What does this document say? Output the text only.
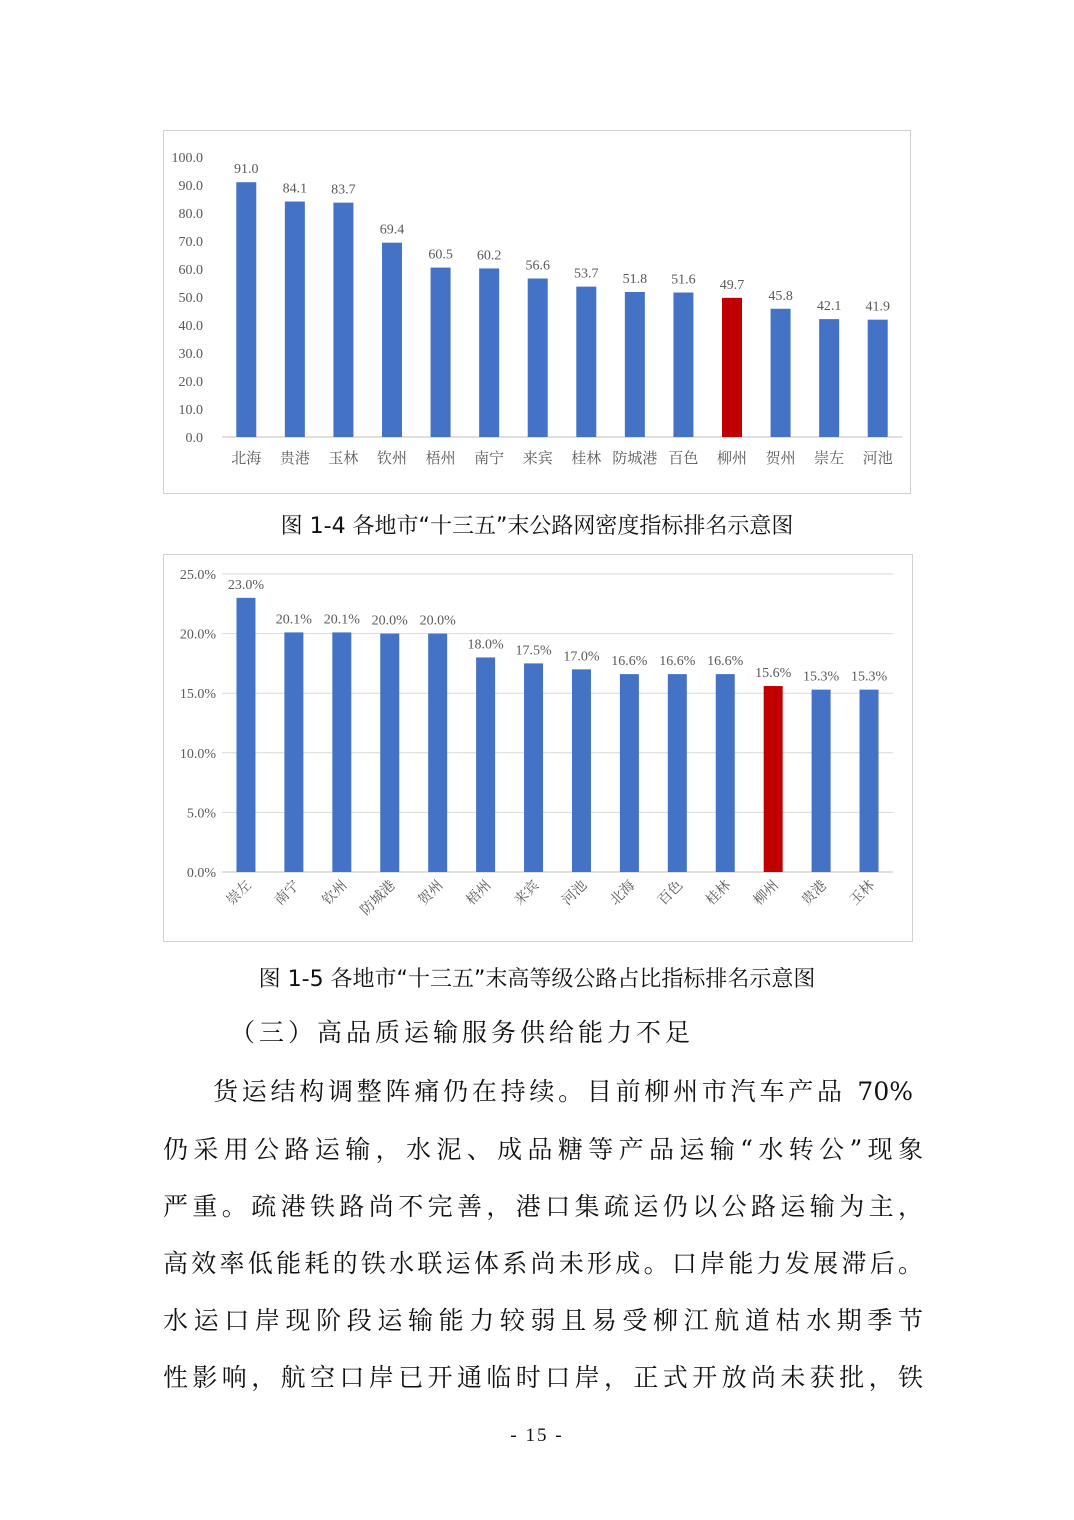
0.0
10.0
20.0
30.0
40.0
50.0
60.0
70.0
80.0
90.0
100.0
91.0
北海
84.1
贵港
83.7
玉林
69.4
钦州
60.5
梧州
60.2
南宁
56.6
来宾
53.7
桂林
51.8
防城港
51.6
百色
49.7
柳州
45.8
贺州
42.1
崇左
41.9
河池
图 1-4 各地市“十三五”末公路网密度指标排名示意图
0.0%
5.0%
10.0%
15.0%
20.0%
25.0%
23.0%
崇左
20.1%
南宁
20.1%
钦州
20.0%
防城港
20.0%
贺州
18.0%
梧州
17.5%
来宾
17.0%
河池
16.6%
北海
16.6%
百色
16.6%
桂林
15.6%
柳州
15.3%
贵港
15.3%
玉林
图 1-5 各地市“十三五”末高等级公路占比指标排名示意图
（三）高品质运输服务供给能力不足
货运结构调整阵痛仍在持续。目前柳州市汽车产品 70%
仍采用公路运输，水泥、成品糖等产品运输“水转公”现象
严重。疏港铁路尚不完善，港口集疏运仍以公路运输为主，
高效率低能耗的铁水联运体系尚未形成。口岸能力发展滞后。
水运口岸现阶段运输能力较弱且易受柳江航道枯水期季节
性影响，航空口岸已开通临时口岸，正式开放尚未获批，铁
- 15 -
